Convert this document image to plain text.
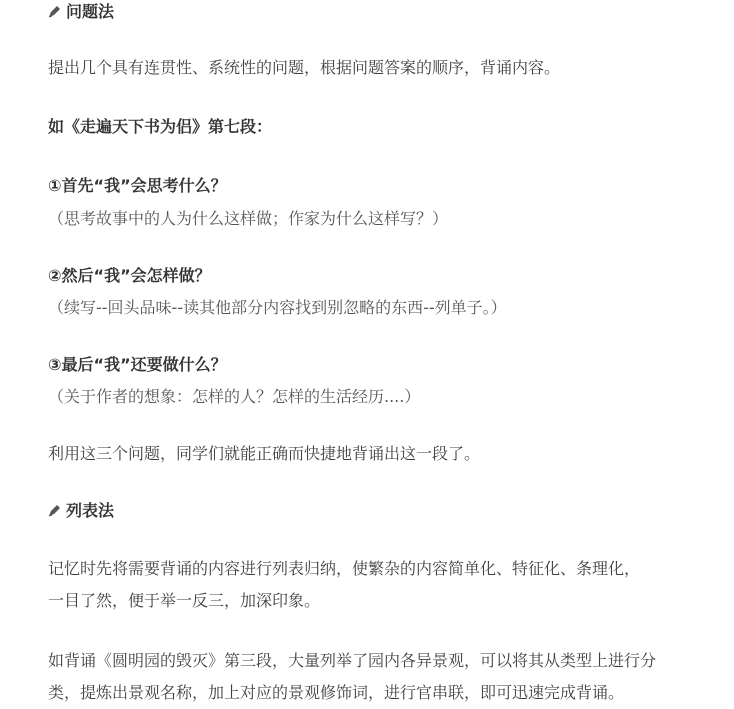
问题法
提出几个具有连贯性、系统性的问题，根据问题答案的顺序，背诵内容。
如《走遍天下书为侣》第七段：
①首先“我”会思考什么？
（思考故事中的人为什么这样做；作家为什么这样写？）
②然后“我”会怎样做？
（续写--回头品味--读其他部分内容找到别忽略的东西--列单子。）
③最后“我”还要做什么？
（关于作者的想象：怎样的人？怎样的生活经历....）
利用这三个问题，同学们就能正确而快捷地背诵出这一段了。
列表法
记忆时先将需要背诵的内容进行列表归纳，使繁杂的内容简单化、特征化、条理化，
一目了然，便于举一反三，加深印象。
如背诵《圆明园的毁灭》第三段，大量列举了园内各异景观，可以将其从类型上进行分
类，提炼出景观名称，加上对应的景观修饰词，进行官串联，即可迅速完成背诵。
